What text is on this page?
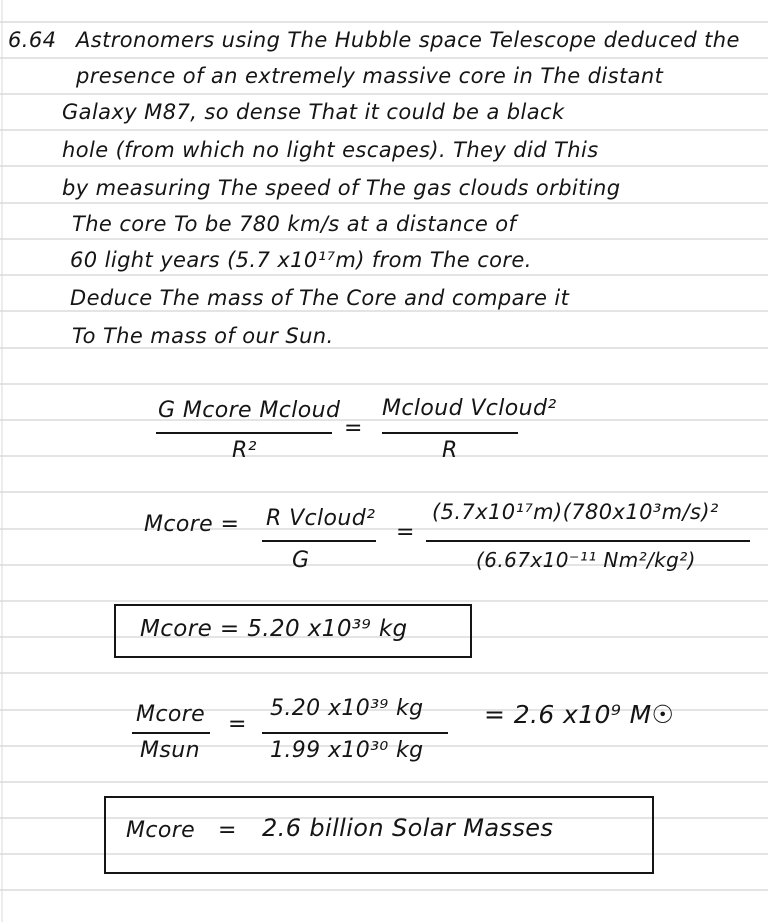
6.64 Astronomers using The Hubble space Telescope deduced the
presence of an extremely massive core in The distant
Galaxy M87, so dense That it could be a black
hole (from which no light escapes). They did This
by measuring The speed of The gas clouds orbiting
The core To be 780 km/s at a distance of
60 light years (5.7 x10¹⁷m) from The core.
Deduce The mass of The Core and compare it
To The mass of our Sun.
G Mcore Mcloud
R²
=
Mcloud Vcloud²
R
Mcore = R Vcloud²
G
=
(5.7x10¹⁷m)(780x10³m/s)²
(6.67x10⁻¹¹ Nm²/kg²)
Mcore = 5.20 x10³⁹ kg
Mcore
Msun
=
5.20 x10³⁹ kg
1.99 x10³⁰ kg
= 2.6 x10⁹ M☉
Mcore = 2.6 billion Solar Masses
